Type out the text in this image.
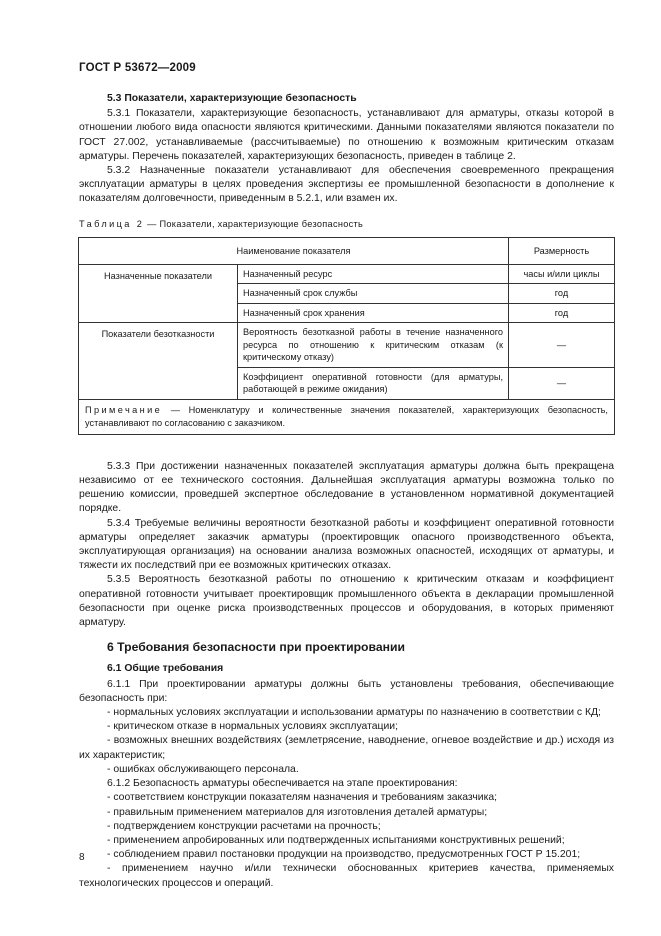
ГОСТ Р 53672—2009
5.3 Показатели, характеризующие безопасность

5.3.1 Показатели, характеризующие безопасность, устанавливают для арматуры, отказы которой в отношении любого вида опасности являются критическими. Данными показателями являются показатели по ГОСТ 27.002, устанавливаемые (рассчитываемые) по отношению к возможным критическим отказам арматуры. Перечень показателей, характеризующих безопасность, приведен в таблице 2.

5.3.2 Назначенные показатели устанавливают для обеспечения своевременного прекращения эксплуатации арматуры в целях проведения экспертизы ее промышленной безопасности в дополнение к показателям долговечности, приведенным в 5.2.1, или взамен их.

Таблица 2 — Показатели, характеризующие безопасность
Наименование показателя		Размерность
Назначенные показатели	Назначенный ресурс	часы и/или циклы
	Назначенный срок службы	год
	Назначенный срок хранения	год
Показатели безотказности	Вероятность безотказной работы в течение назначенного ресурса по отношению к критическим отказам (к критическому отказу)	—
	Коэффициент оперативной готовности (для арматуры, работающей в режиме ожидания)	—
Примечание — Номенклатуру и количественные значения показателей, характеризующих безопасность, устанавливают по согласованию с заказчиком.		

5.3.3 При достижении назначенных показателей эксплуатация арматуры должна быть прекращена независимо от ее технического состояния. Дальнейшая эксплуатация арматуры возможна только по решению комиссии, проведшей экспертное обследование в установленном нормативной документацией порядке.

5.3.4 Требуемые величины вероятности безотказной работы и коэффициент оперативной готовности арматуры определяет заказчик арматуры (проектировщик опасного производственного объекта, эксплуатирующая организация) на основании анализа возможных опасностей, исходящих от арматуры, и тяжести их последствий при ее возможных критических отказах.

5.3.5 Вероятность безотказной работы по отношению к критическим отказам и коэффициент оперативной готовности учитывает проектировщик промышленного объекта в декларации промышленной безопасности при оценке риска производственных процессов и оборудования, в которых применяют арматуру.

6 Требования безопасности при проектировании
6.1 Общие требования

6.1.1 При проектировании арматуры должны быть установлены требования, обеспечивающие безопасность при:

- нормальных условиях эксплуатации и использовании арматуры по назначению в соответствии с КД;

- критическом отказе в нормальных условиях эксплуатации;

- возможных внешних воздействиях (землетрясение, наводнение, огневое воздействие и др.) исходя из их характеристик;

- ошибках обслуживающего персонала.

6.1.2 Безопасность арматуры обеспечивается на этапе проектирования:

- соответствием конструкции показателям назначения и требованиям заказчика;

- правильным применением материалов для изготовления деталей арматуры;

- подтверждением конструкции расчетами на прочность;

- применением апробированных или подтвержденных испытаниями конструктивных решений;

- соблюдением правил постановки продукции на производство, предусмотренных ГОСТ Р 15.201;

- применением научно и/или технически обоснованных критериев качества, применяемых технологических процессов и операций.

8
